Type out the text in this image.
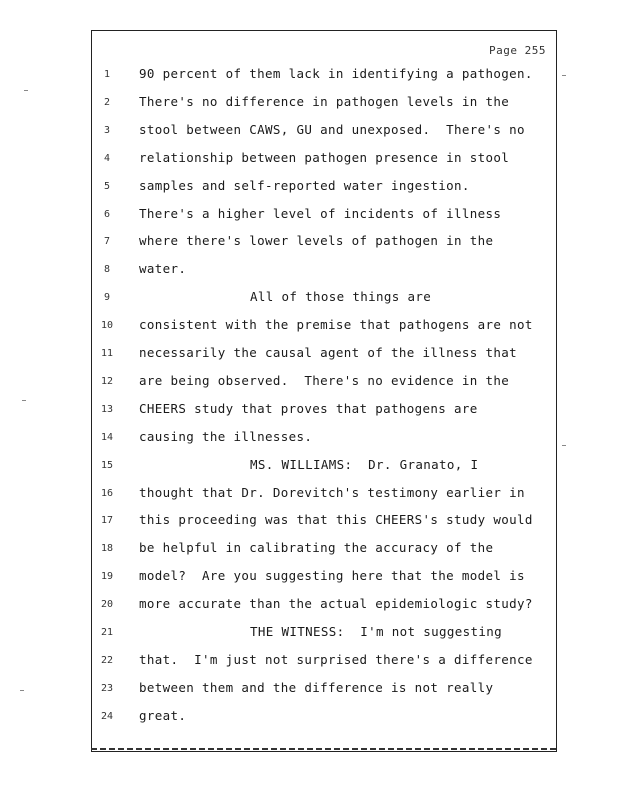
Page 255
1	90 percent of them lack in identifying a pathogen.
2	There's no difference in pathogen levels in the
3	stool between CAWS, GU and unexposed.  There's no
4	relationship between pathogen presence in stool
5	samples and self-reported water ingestion.
6	There's a higher level of incidents of illness
7	where there's lower levels of pathogen in the
8	water.
9	All of those things are
10	consistent with the premise that pathogens are not
11	necessarily the causal agent of the illness that
12	are being observed.  There's no evidence in the
13	CHEERS study that proves that pathogens are
14	causing the illnesses.
15	MS. WILLIAMS:  Dr. Granato, I
16	thought that Dr. Dorevitch's testimony earlier in
17	this proceeding was that this CHEERS's study would
18	be helpful in calibrating the accuracy of the
19	model?  Are you suggesting here that the model is
20	more accurate than the actual epidemiologic study?
21	THE WITNESS:  I'm not suggesting
22	that.  I'm just not surprised there's a difference
23	between them and the difference is not really
24	great.
